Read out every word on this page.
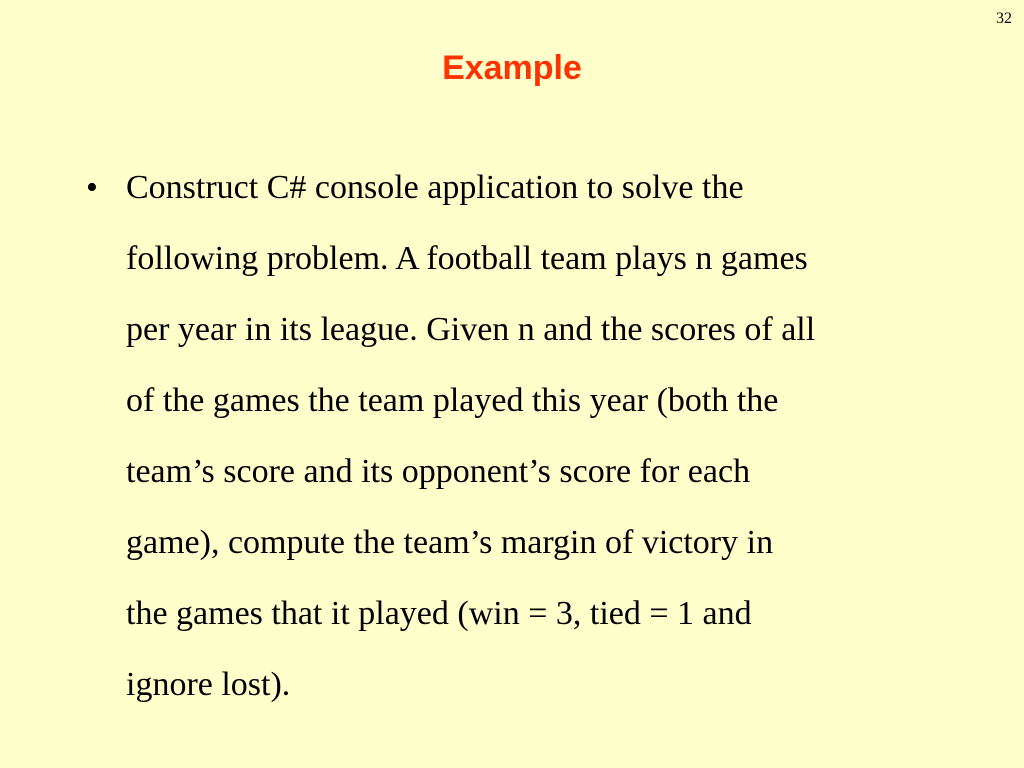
32
Example
• Construct C# console application to solve the
following problem. A football team plays n games
per year in its league. Given n and the scores of all
of the games the team played this year (both the
team’s score and its opponent’s score for each
game), compute the team’s margin of victory in
the games that it played (win = 3, tied = 1 and
ignore lost).
